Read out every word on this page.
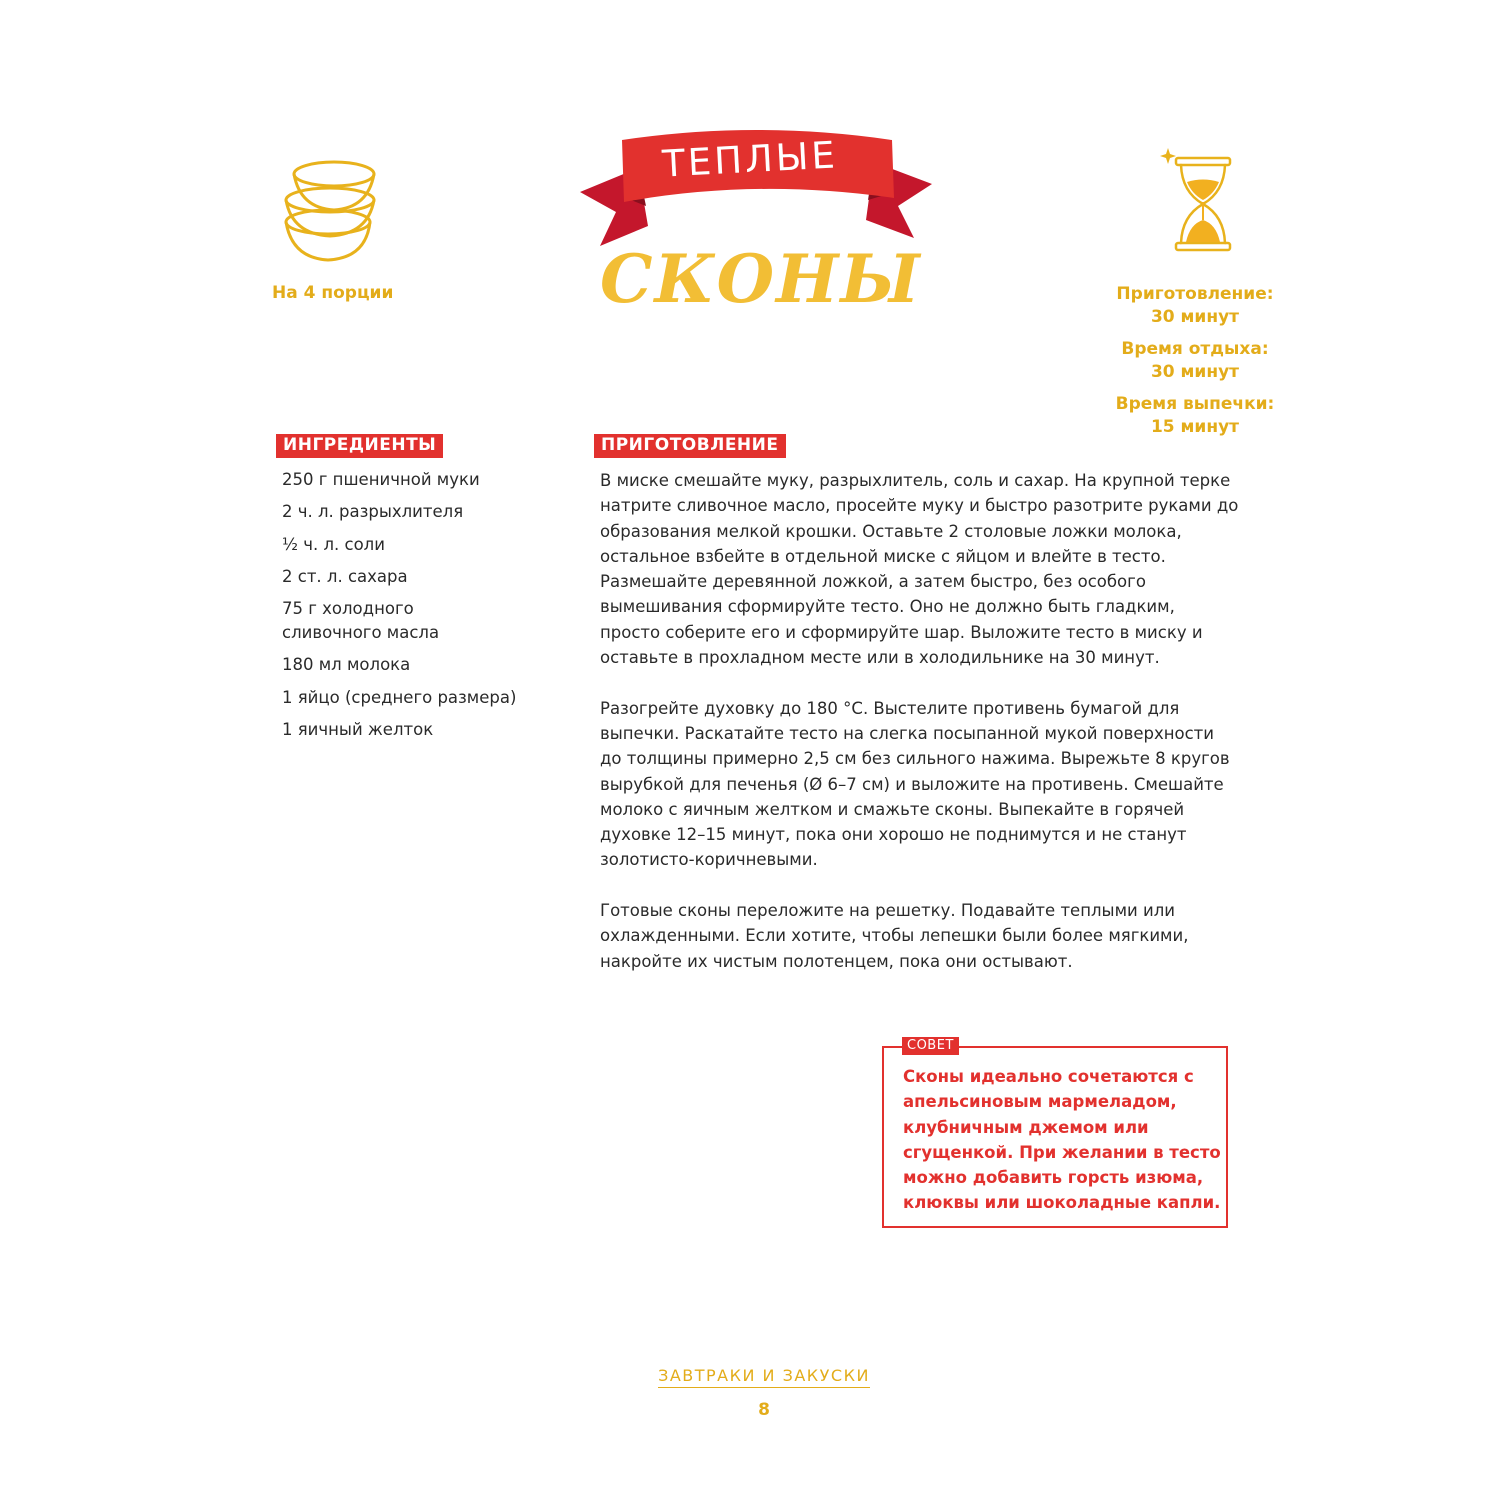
На 4 порции
ТЕПЛЫЕ
СКОНЫ	Приготовление:
30 минут
Время отдыха:
30 минут
Время выпечки:
15 минут
ИНГРЕДИЕНТЫ	ПРИГОТОВЛЕНИЕ
250 г пшеничной муки
2 ч. л. разрыхлителя
½ ч. л. соли
2 ст. л. сахара
75 г холодного сливочного масла
180 мл молока
1 яйцо (среднего размера)
1 яичный желток

В миске смешайте муку, разрыхлитель, соль и сахар. На крупной терке натрите сливочное масло, просейте муку и быстро разотрите руками до образования мелкой крошки. Оставьте 2 столовые ложки молока, остальное взбейте в отдельной миске с яйцом и влейте в тесто. Размешайте деревянной ложкой, а затем быстро, без особого вымешивания сформируйте тесто. Оно не должно быть гладким, просто соберите его и сформируйте шар. Выложите тесто в миску и оставьте в прохладном месте или в холодильнике на 30 минут.

Разогрейте духовку до 180 °С. Выстелите противень бумагой для выпечки. Раскатайте тесто на слегка посыпанной мукой поверхности до толщины примерно 2,5 см без сильного нажима. Вырежьте 8 кругов вырубкой для печенья (Ø 6–7 см) и выложите на противень. Смешайте молоко с яичным желтком и смажьте сконы. Выпекайте в горячей духовке 12–15 минут, пока они хорошо не поднимутся и не станут золотисто-коричневыми.

Готовые сконы переложите на решетку. Подавайте теплыми или охлажденными. Если хотите, чтобы лепешки были более мягкими, накройте их чистым полотенцем, пока они остывают.

СОВЕТ
Сконы идеально сочетаются с апельсиновым мармеладом, клубничным джемом или сгущенкой. При желании в тесто можно добавить горсть изюма, клюквы или шоколадные капли.
ЗАВТРАКИ И ЗАКУСКИ
8
